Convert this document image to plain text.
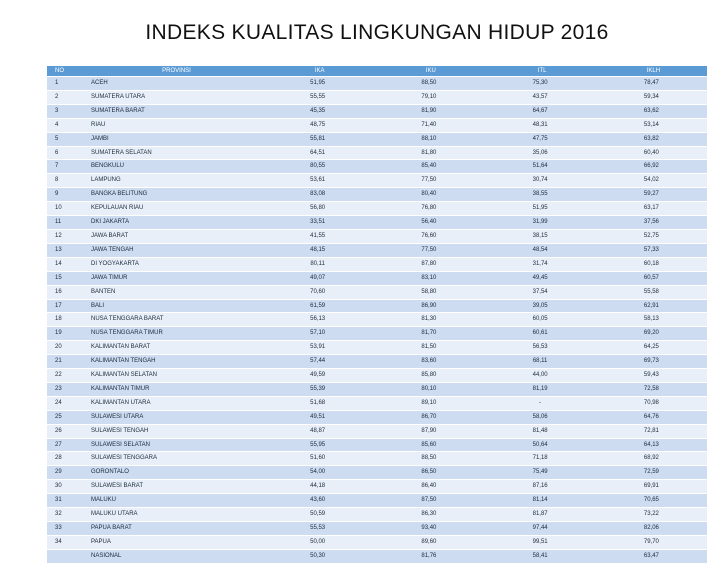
INDEKS KUALITAS LINGKUNGAN HIDUP 2016
NO	PROVINSI	IKA	IKU	ITL	IKLH
1	ACEH	51,95	88,50	75,30	78,47
2	SUMATERA UTARA	55,55	79,10	43,57	59,34
3	SUMATERA BARAT	45,35	81,90	64,67	63,62
4	RIAU	48,75	71,40	48,31	53,14
5	JAMBI	55,81	88,10	47,75	63,82
6	SUMATERA SELATAN	64,51	81,80	35,06	60,40
7	BENGKULU	80,55	85,40	51,64	66,92
8	LAMPUNG	53,61	77,50	30,74	54,02
9	BANGKA BELITUNG	83,08	80,40	38,55	59,27
10	KEPULAUAN RIAU	56,80	76,80	51,95	63,17
11	DKI JAKARTA	33,51	56,40	31,99	37,56
12	JAWA BARAT	41,55	76,60	38,15	52,75
13	JAWA TENGAH	48,15	77,50	48,54	57,33
14	DI YOGYAKARTA	80,11	87,80	31,74	60,18
15	JAWA TIMUR	49,07	83,10	49,45	60,57
16	BANTEN	70,60	58,80	37,54	55,58
17	BALI	61,59	86,90	39,05	62,91
18	NUSA TENGGARA BARAT	56,13	81,30	60,05	58,13
19	NUSA TENGGARA TIMUR	57,10	81,70	60,61	69,20
20	KALIMANTAN BARAT	53,91	81,50	56,53	64,25
21	KALIMANTAN TENGAH	57,44	83,60	68,11	69,73
22	KALIMANTAN SELATAN	49,59	85,80	44,00	59,43
23	KALIMANTAN TIMUR	55,39	80,10	81,19	72,58
24	KALIMANTAN UTARA	51,68	89,10	-	70,98
25	SULAWESI UTARA	49,51	86,70	58,06	64,76
26	SULAWESI TENGAH	48,87	87,90	81,48	72,81
27	SULAWESI SELATAN	55,95	85,60	50,64	64,13
28	SULAWESI TENGGARA	51,60	88,50	71,18	68,92
29	GORONTALO	54,00	86,50	75,49	72,59
30	SULAWESI BARAT	44,18	86,40	87,16	69,91
31	MALUKU	43,60	87,50	81,14	70,65
32	MALUKU UTARA	50,59	86,30	81,87	73,22
33	PAPUA BARAT	55,53	93,40	97,44	82,06
34	PAPUA	50,00	89,60	99,51	79,70
	NASIONAL	50,30	81,76	58,41	63,47
